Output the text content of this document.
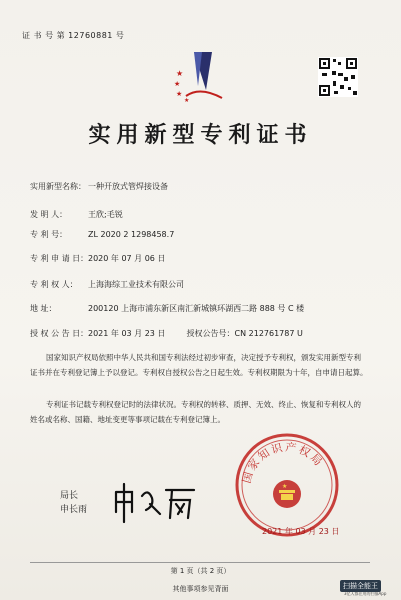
证 书 号 第 12760881 号
★
★
★
★
实用新型专利证书
实用新型名称： 一种开放式管焊接设备
发 明 人：	王欣;毛锐
专 利 号：	ZL 2020 2 1298458.7
专 利 申 请 日：2020 年 07 月 06 日
专 利 权 人： 上海海综工业技术有限公司
地 址：	200120 上海市浦东新区南汇新城镇环湖西二路 888 号 C 楼
授 权 公 告 日：2021 年 03 月 23 日	授权公告号：CN 212761787 U
国家知识产权局依照中华人民共和国专利法经过初步审查，决定授予专利权，颁发实用新型专利证书并在专利登记簿上予以登记。专利权自授权公告之日起生效。专利权期限为十年，自申请日起算。
专利证书记载专利权登记时的法律状况。专利权的转移、质押、无效、终止、恢复和专利权人的姓名或名称、国籍、地址变更等事项记载在专利登记簿上。
局长
申长雨
国家知识产权局
★
2021 年 03 月 23 日
第 1 页（共 2 页）
其他事项参见背面	扫描全能王
3亿人都在用的扫描App
